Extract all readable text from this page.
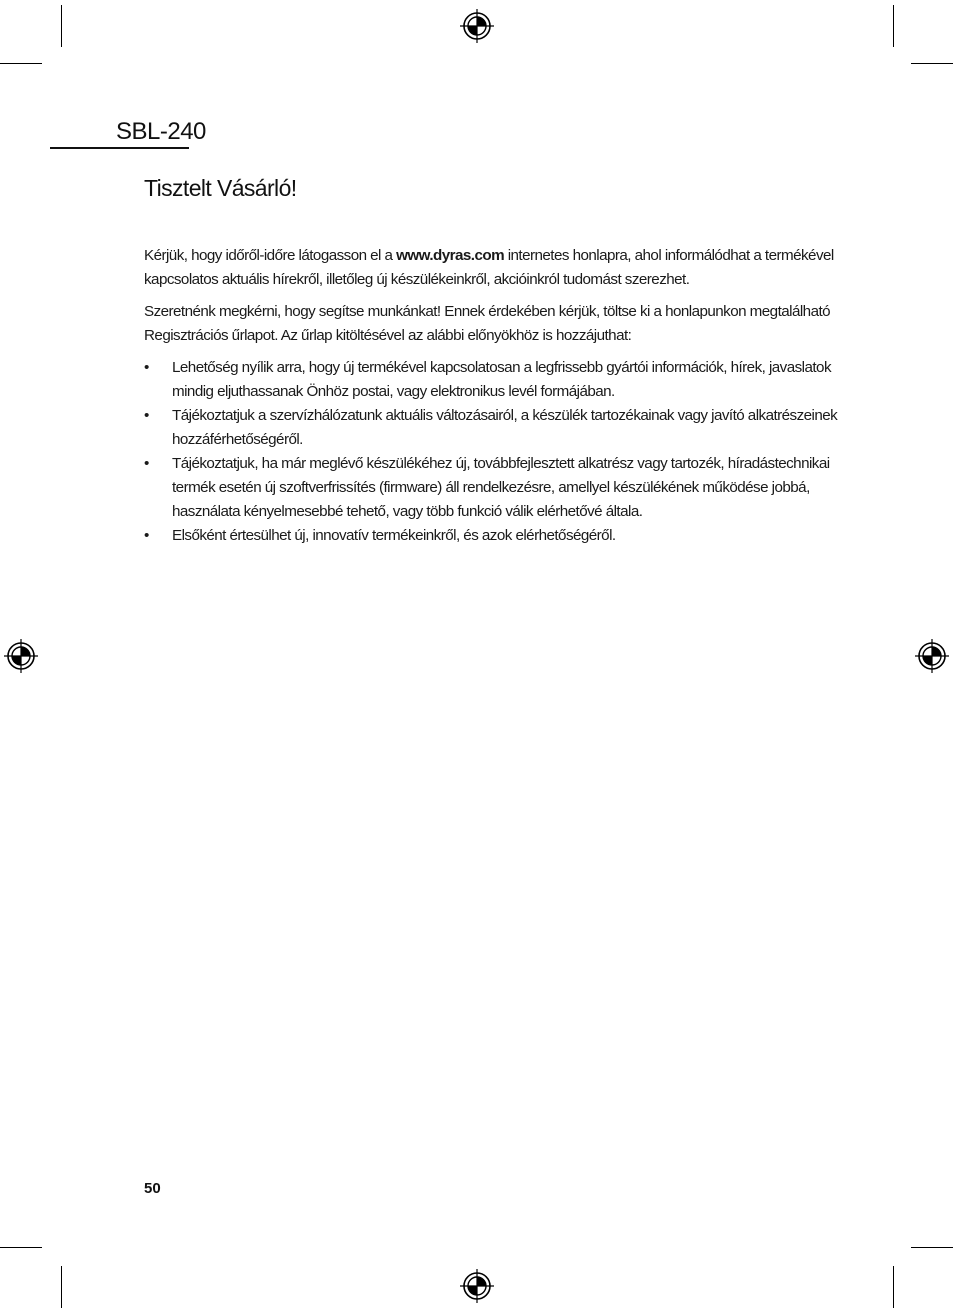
SBL-240
Tisztelt Vásárló!

Kérjük, hogy időről-időre látogasson el a www.dyras.com internetes honlapra, ahol informálódhat a termékével kapcsolatos aktuális hírekről, illetőleg új készülékeinkről, akcióinkról tudomást szerezhet.

Szeretnénk megkérni, hogy segítse munkánkat! Ennek érdekében kérjük, töltse ki a honlapunkon megtalálható Regisztrációs űrlapot. Az űrlap kitöltésével az alábbi előnyökhöz is hozzájuthat:

• Lehetőség nyílik arra, hogy új termékével kapcsolatosan a legfrissebb gyártói információk, hírek, javaslatok mindig eljuthassanak Önhöz postai, vagy elektronikus levél formájában.
• Tájékoztatjuk a szervízhálózatunk aktuális változásairól, a készülék tartozékainak vagy javító alkatrészeinek hozzáférhetőségéről.
• Tájékoztatjuk, ha már meglévő készülékéhez új, továbbfejlesztett alkatrész vagy tartozék, híradástechnikai termék esetén új szoftverfrissítés (firmware) áll rendelkezésre, amellyel készülékének működése jobbá, használata kényelmesebbé tehető, vagy több funkció válik elérhetővé általa.
• Elsőként értesülhet új, innovatív termékeinkről, és azok elérhetőségéről.
50
